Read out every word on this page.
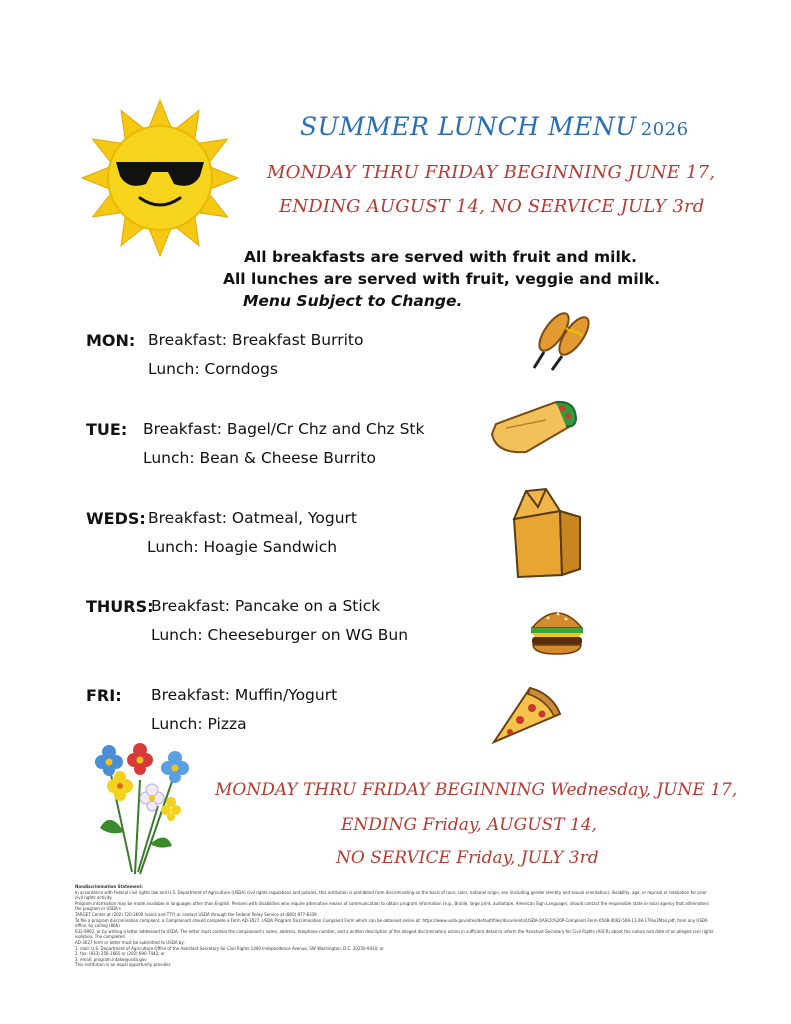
SUMMER LUNCH MENU 2026
MONDAY THRU FRIDAY BEGINNING JUNE 17,
ENDING AUGUST 14, NO SERVICE JULY 3rd
All breakfasts are served with fruit and milk.
All lunches are served with fruit, veggie and milk.
Menu Subject to Change.
MON: Breakfast: Breakfast Burrito
Lunch: Corndogs
TUE: Breakfast: Bagel/Cr Chz and Chz Stk
Lunch: Bean & Cheese Burrito
WEDS: Breakfast: Oatmeal, Yogurt
Lunch: Hoagie Sandwich
THURS:
Breakfast: Pancake on a Stick
Lunch: Cheeseburger on WG Bun
FRI: Breakfast: Muffin/Yogurt
Lunch: Pizza
MONDAY THRU FRIDAY BEGINNING Wednesday, JUNE 17,
ENDING Friday, AUGUST 14,
NO SERVICE Friday, JULY 3rd
Nondiscrimination Statement:
In accordance with federal civil rights law and U.S. Department of Agriculture (USDA) civil rights regulations and policies, this institution is prohibited from discriminating on the basis of race, color, national origin, sex (including gender identity and sexual orientation), disability, age, or reprisal or retaliation for prior civil rights activity.
Program information may be made available in languages other than English. Persons with disabilities who require alternative means of communication to obtain program information (e.g., Braille, large print, audiotape, American Sign Language), should contact the responsible state or local agency that administers the program or USDA's
TARGET Center at (202) 720-2600 (voice and TTY) or contact USDA through the Federal Relay Service at (800) 877-8339.
To file a program discrimination complaint, a Complainant should complete a Form AD-3027, USDA Program Discrimination Complaint Form which can be obtained online at: https://www.usda.gov/sites/default/files/documents/USDA-OASCR%20P-Complaint-Form-0508-0002-508-11-28-17Fax2Mail.pdf, from any USDA office, by calling (866)
632-9992, or by writing a letter addressed to USDA. The letter must contain the complainant's name, address, telephone number, and a written description of the alleged discriminatory action in sufficient detail to inform the Assistant Secretary for Civil Rights (ASCR) about the nature and date of an alleged civil rights violation. The completed
AD-3027 form or letter must be submitted to USDA by:
1. mail: U.S. Department of Agriculture Office of the Assistant Secretary for Civil Rights 1400 Independence Avenue, SW Washington, D.C. 20250-9410; or
2. fax: (833) 256-1665 or (202) 690-7442; or
3. email: program.intake@usda.gov
This institution is an equal opportunity provider.
